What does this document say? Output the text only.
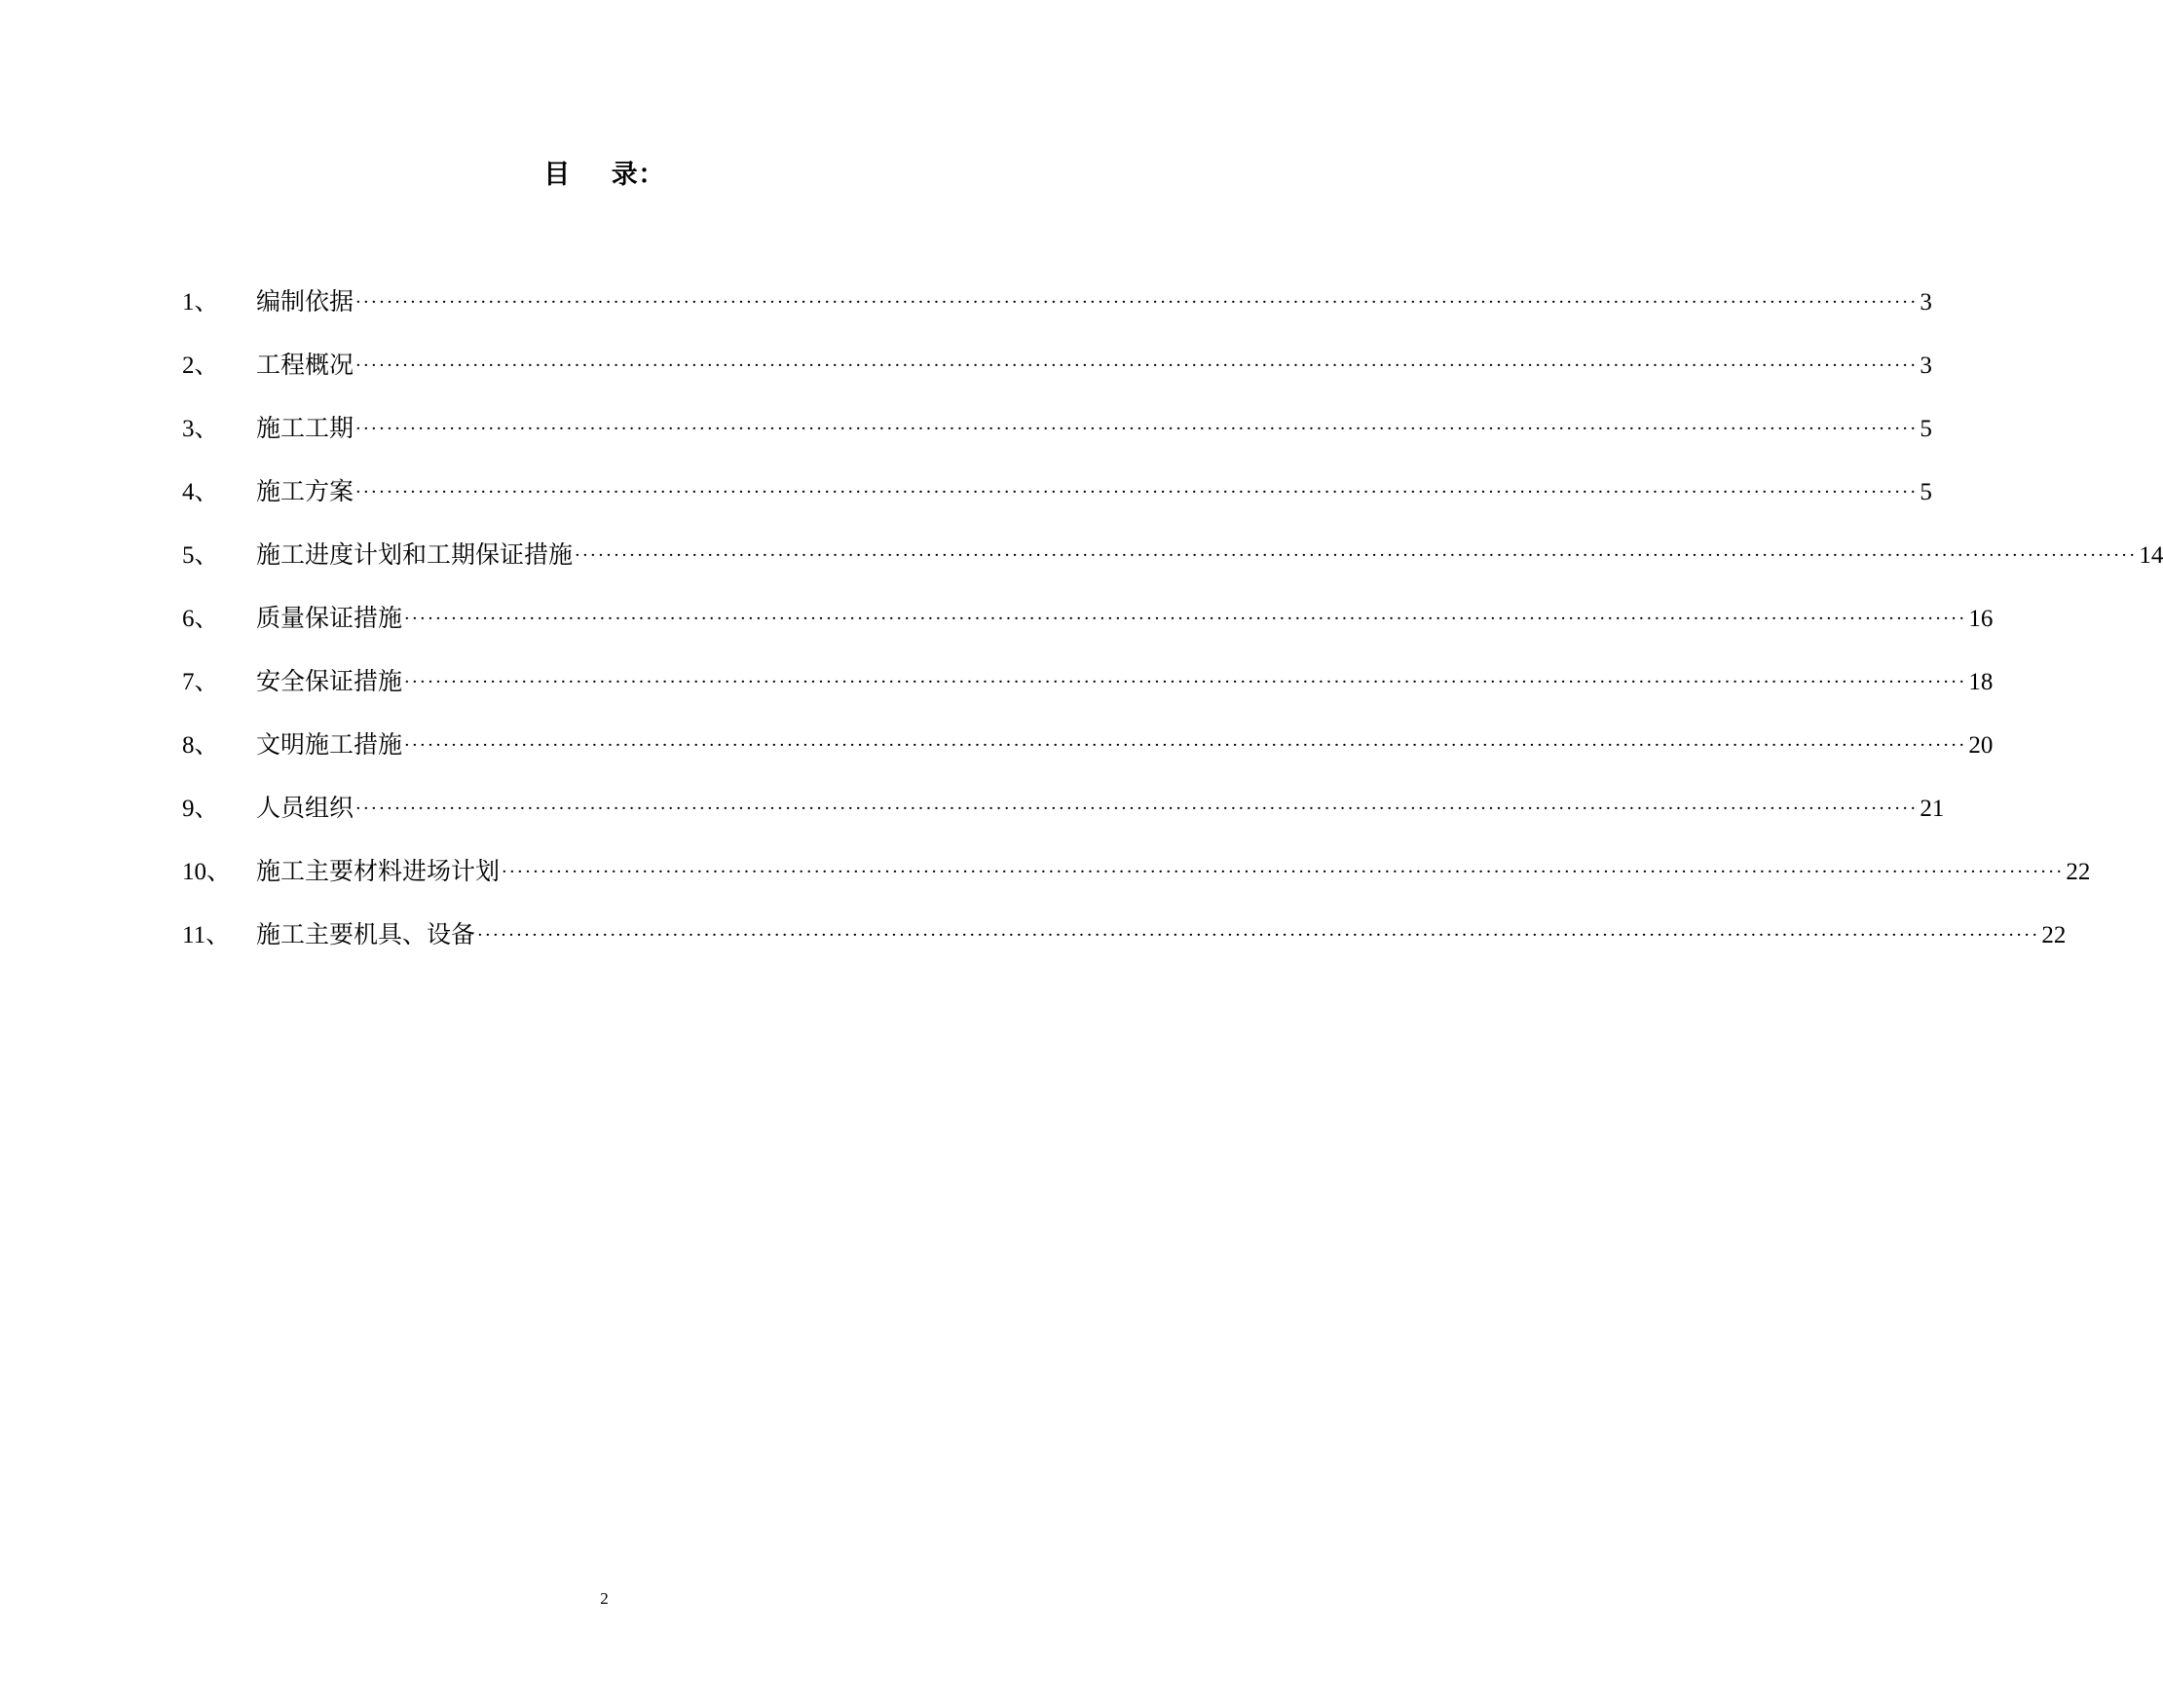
目 录：
1、	编制依据 ········································································································································································································ 3
2、	工程概况 ········································································································································································································ 3
3、	施工工期 ········································································································································································································ 5
4、	施工方案 ········································································································································································································ 5
5、	施工进度计划和工期保证措施 ········································································································································································································ 14
6、	质量保证措施 ········································································································································································································ 16
7、	安全保证措施 ········································································································································································································ 18
8、	文明施工措施 ········································································································································································································ 20
9、	人员组织 ········································································································································································································ 21
10、	施工主要材料进场计划 ········································································································································································································ 22
11、	施工主要机具、设备 ········································································································································································································ 22
2
